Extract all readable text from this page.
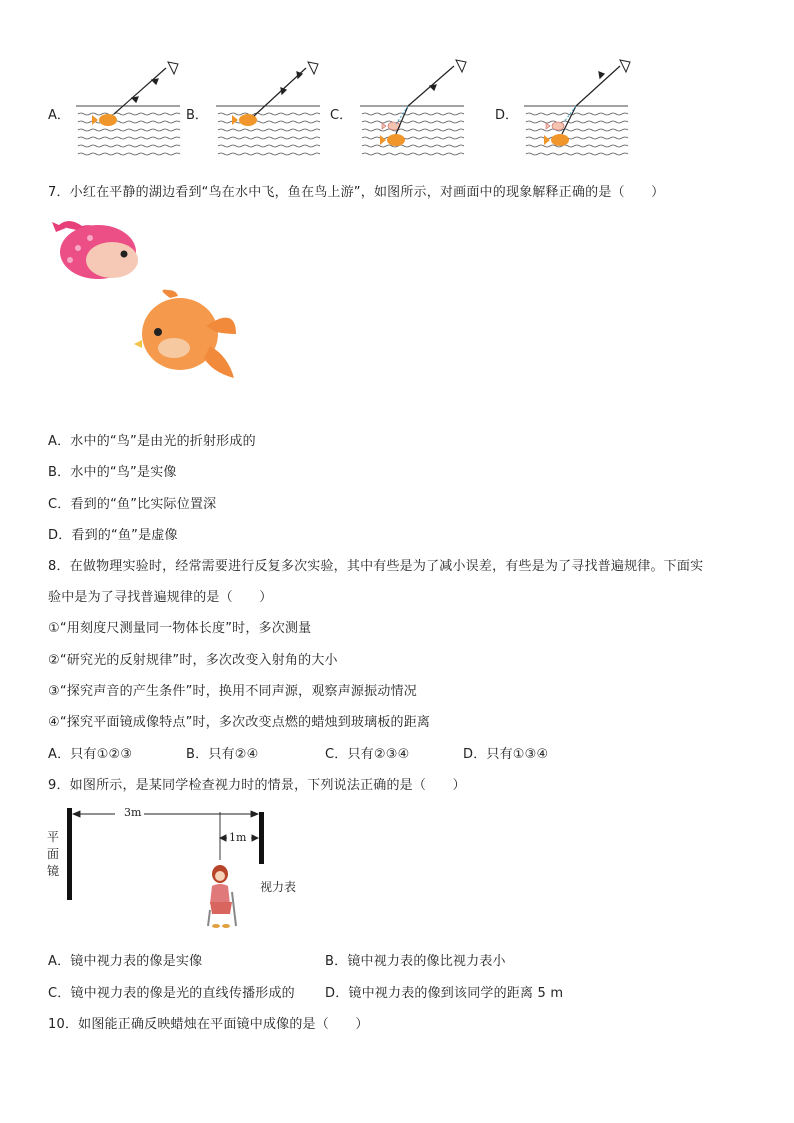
A．	B．	C．	D．
7．小红在平静的湖边看到“鸟在水中飞，鱼在鸟上游”，如图所示，对画面中的现象解释正确的是（　　）
A．水中的“鸟”是由光的折射形成的
B．水中的“鸟”是实像
C．看到的“鱼”比实际位置深
D．看到的“鱼”是虚像
8．在做物理实验时，经常需要进行反复多次实验，其中有些是为了减小误差，有些是为了寻找普遍规律。下面实
验中是为了寻找普遍规律的是（　　）
①“用刻度尺测量同一物体长度”时，多次测量
②“研究光的反射规律”时，多次改变入射角的大小
③“探究声音的产生条件”时，换用不同声源，观察声源振动情况
④“探究平面镜成像特点”时，多次改变点燃的蜡烛到玻璃板的距离
A．只有①②③	B．只有②④	C．只有②③④	D．只有①③④
9．如图所示，是某同学检查视力时的情景，下列说法正确的是（　　）
平面镜
3m
1m
视力表
A．镜中视力表的像是实像	B．镜中视力表的像比视力表小
C．镜中视力表的像是光的直线传播形成的 D．镜中视力表的像到该同学的距离 5 m
10．如图能正确反映蜡烛在平面镜中成像的是（　　）
